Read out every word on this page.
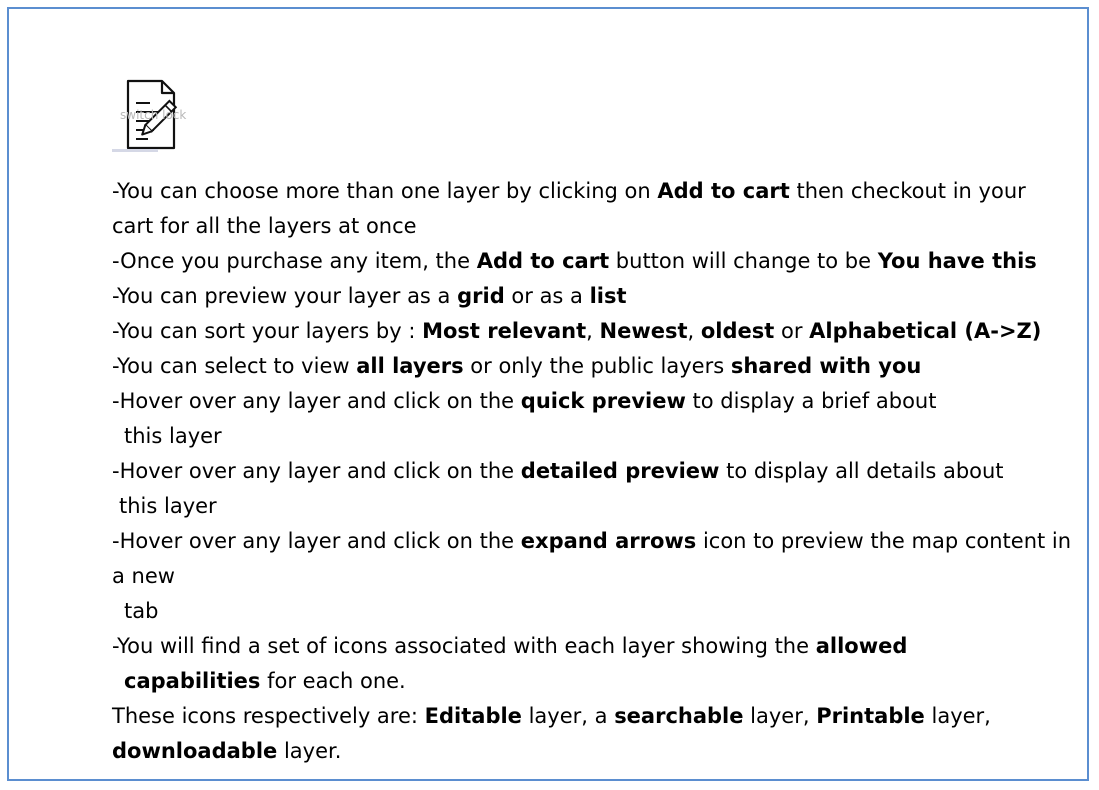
switch lock
-You can choose more than one layer by clicking on Add to cart then checkout in your
cart for all the layers at once
-Once you purchase any item, the Add to cart button will change to be You have this
-You can preview your layer as a grid or as a list
-You can sort your layers by : Most relevant, Newest, oldest or Alphabetical (A->Z)
-You can select to view all layers or only the public layers shared with you
-Hover over any layer and click on the quick preview to display a brief about
this layer
-Hover over any layer and click on the detailed preview to display all details about
this layer
-Hover over any layer and click on the expand arrows icon to preview the map content in
a new
tab
-You will find a set of icons associated with each layer showing the allowed
capabilities for each one.
These icons respectively are: Editable layer, a searchable layer, Printable layer,
downloadable layer.
